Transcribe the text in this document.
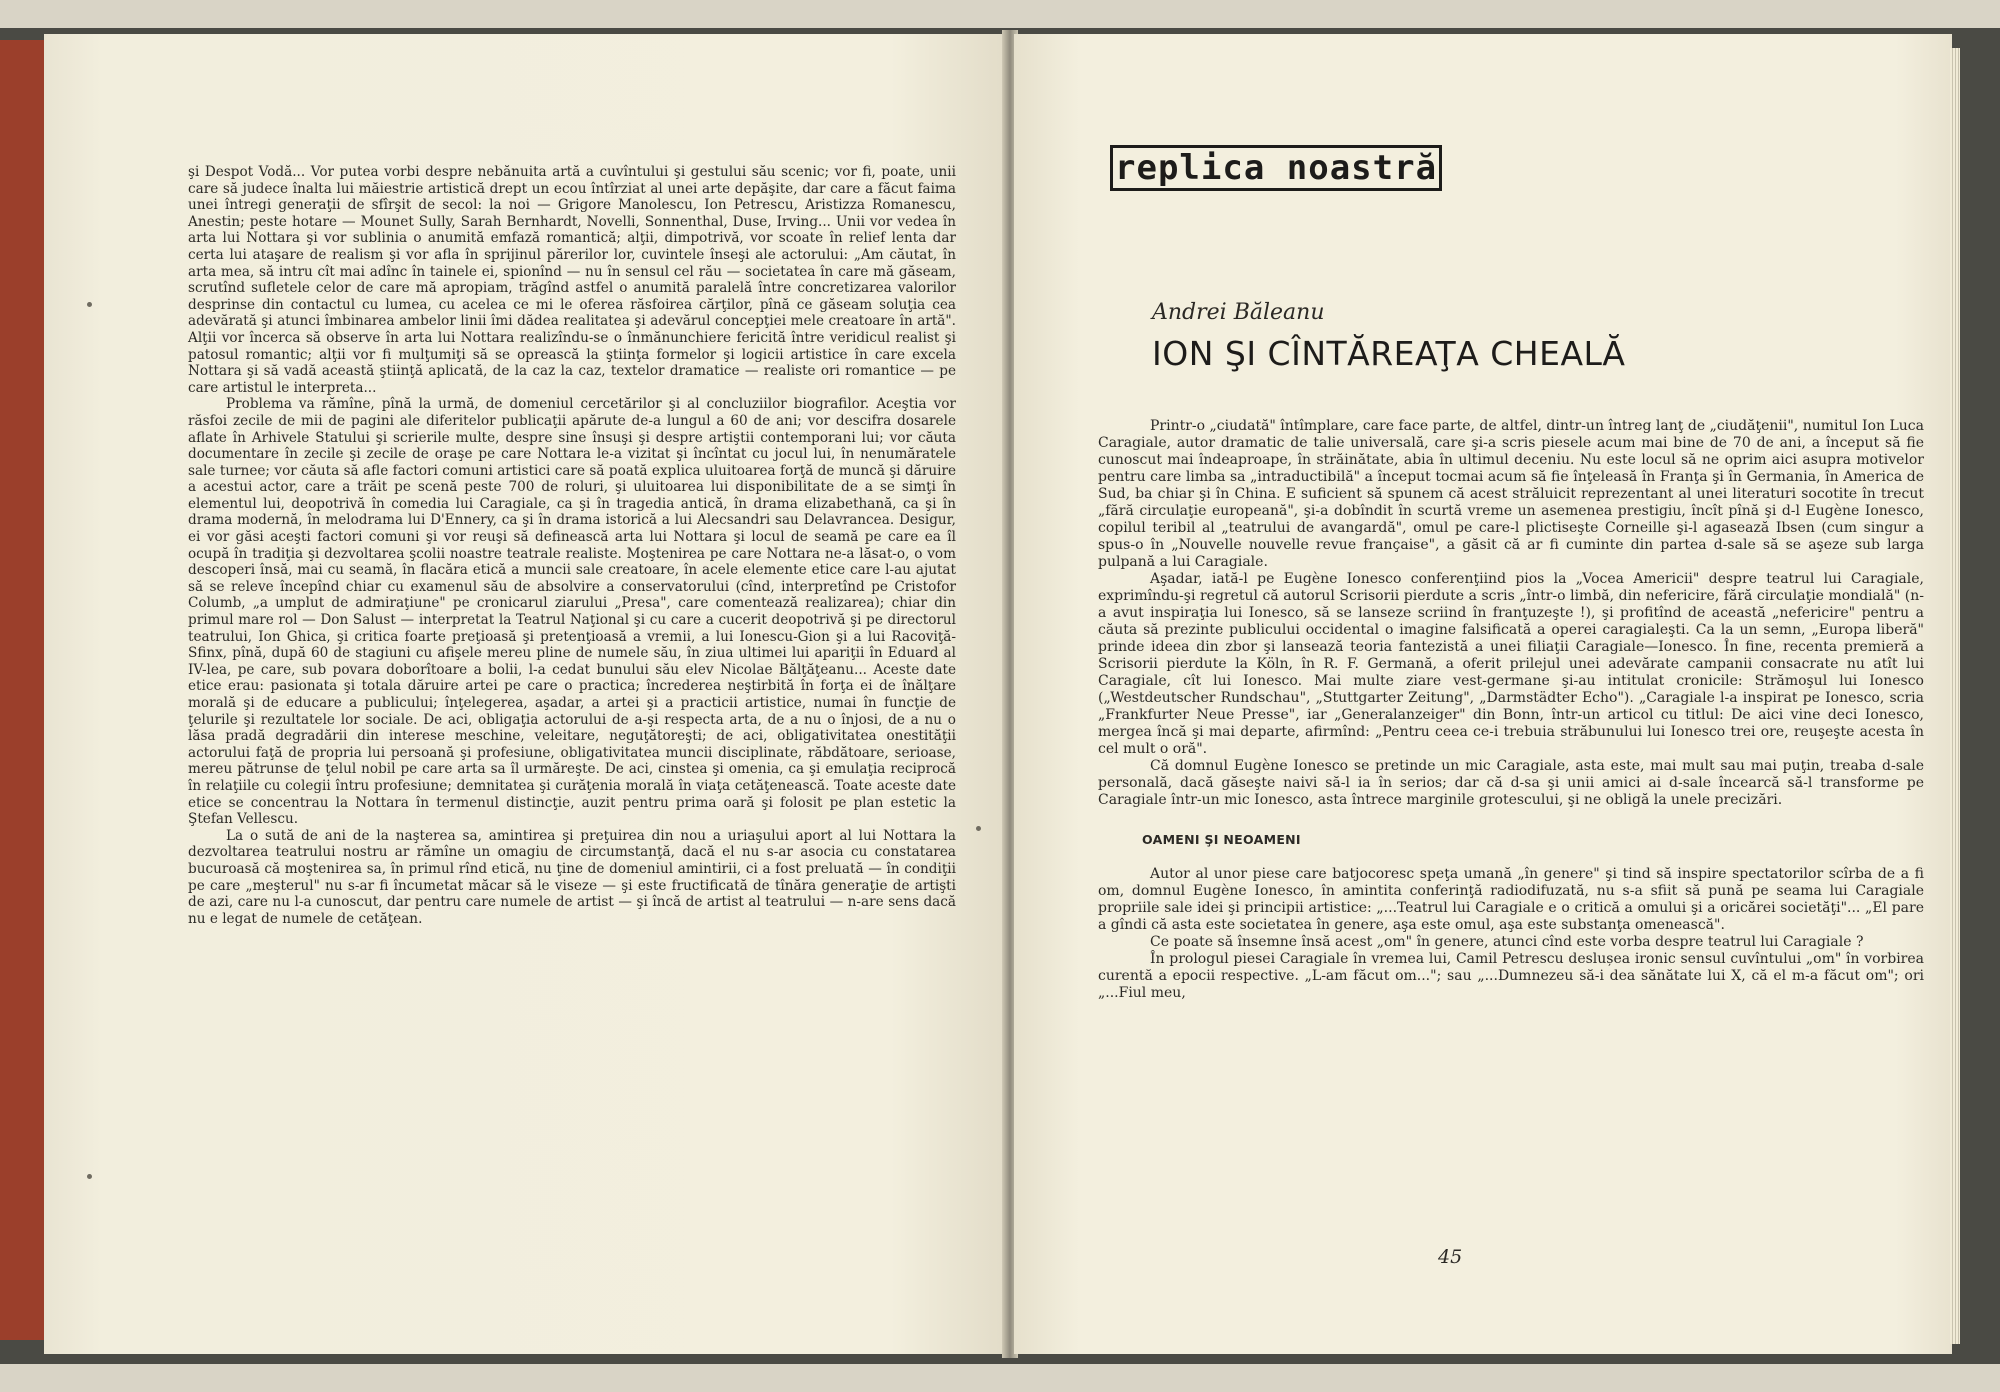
şi Despot Vodă... Vor putea vorbi despre nebănuita artă a cuvîntului şi gestului său scenic; vor fi, poate, unii care să judece înalta lui măiestrie artistică drept un ecou întîrziat al unei arte depăşite, dar care a făcut faima unei întregi generaţii de sfîrşit de secol: la noi — Grigore Manolescu, Ion Petrescu, Aristizza Romanescu, Anestin; peste hotare — Mounet Sully, Sarah Bernhardt, Novelli, Sonnenthal, Duse, Irving... Unii vor vedea în arta lui Nottara şi vor sublinia o anumită emfază romantică; alţii, dimpotrivă, vor scoate în relief lenta dar certa lui ataşare de realism şi vor afla în sprijinul părerilor lor, cuvintele înseşi ale actorului: „Am căutat, în arta mea, să intru cît mai adînc în tainele ei, spionînd — nu în sensul cel rău — societatea în care mă găseam, scrutînd sufletele celor de care mă apropiam, trăgînd astfel o anumită paralelă între concretizarea valorilor desprinse din contactul cu lumea, cu acelea ce mi le oferea răsfoirea cărţilor, pînă ce găseam soluţia cea adevărată şi atunci îmbinarea ambelor linii îmi dădea realitatea şi adevărul concepţiei mele creatoare în artă". Alţii vor încerca să observe în arta lui Nottara realizîndu-se o înmănunchiere fericită între veridicul realist şi patosul romantic; alţii vor fi mulţumiţi să se oprească la ştiinţa formelor şi logicii artistice în care excela Nottara şi să vadă această ştiinţă aplicată, de la caz la caz, textelor dramatice — realiste ori romantice — pe care artistul le interpreta...

Problema va rămîne, pînă la urmă, de domeniul cercetărilor şi al concluziilor biografilor. Aceştia vor răsfoi zecile de mii de pagini ale diferitelor publicaţii apărute de-a lungul a 60 de ani; vor descifra dosarele aflate în Arhivele Statului şi scrierile multe, despre sine însuşi şi despre artiştii contemporani lui; vor căuta documentare în zecile şi zecile de oraşe pe care Nottara le-a vizitat şi încîntat cu jocul lui, în nenumăratele sale turnee; vor căuta să afle factori comuni artistici care să poată explica uluitoarea forţă de muncă şi dăruire a acestui actor, care a trăit pe scenă peste 700 de roluri, şi uluitoarea lui disponibilitate de a se simţi în elementul lui, deopotrivă în comedia lui Caragiale, ca şi în tragedia antică, în drama elizabethană, ca şi în drama modernă, în melodrama lui D'Ennery, ca şi în drama istorică a lui Alecsandri sau Delavrancea. Desigur, ei vor găsi aceşti factori comuni şi vor reuşi să definească arta lui Nottara şi locul de seamă pe care ea îl ocupă în tradiţia şi dezvoltarea şcolii noastre teatrale realiste. Moştenirea pe care Nottara ne-a lăsat-o, o vom descoperi însă, mai cu seamă, în flacăra etică a muncii sale creatoare, în acele elemente etice care l-au ajutat să se releve începînd chiar cu examenul său de absolvire a conservatorului (cînd, interpretînd pe Cristofor Columb, „a umplut de admiraţiune" pe cronicarul ziarului „Presa", care comentează realizarea); chiar din primul mare rol — Don Salust — interpretat la Teatrul Naţional şi cu care a cucerit deopotrivă şi pe directorul teatrului, Ion Ghica, şi critica foarte preţioasă şi pretenţioasă a vremii, a lui Ionescu-Gion şi a lui Racoviţă-Sfinx, pînă, după 60 de stagiuni cu afişele mereu pline de numele său, în ziua ultimei lui apariţii în Eduard al IV-lea, pe care, sub povara doborîtoare a bolii, l-a cedat bunului său elev Nicolae Bălţăţeanu... Aceste date etice erau: pasionata şi totala dăruire artei pe care o practica; încrederea neştirbită în forţa ei de înălţare morală şi de educare a publicului; înţelegerea, aşadar, a artei şi a practicii artistice, numai în funcţie de ţelurile şi rezultatele lor sociale. De aci, obligaţia actorului de a-şi respecta arta, de a nu o înjosi, de a nu o lăsa pradă degradării din interese meschine, veleitare, neguţătoreşti; de aci, obligativitatea onestităţii actorului faţă de propria lui persoană şi profesiune, obligativitatea muncii disciplinate, răbdătoare, serioase, mereu pătrunse de ţelul nobil pe care arta sa îl urmăreşte. De aci, cinstea şi omenia, ca şi emulaţia reciprocă în relaţiile cu colegii întru profesiune; demnitatea şi curăţenia morală în viaţa cetăţenească. Toate aceste date etice se concentrau la Nottara în termenul distincţie, auzit pentru prima oară şi folosit pe plan estetic la Ştefan Vellescu.

La o sută de ani de la naşterea sa, amintirea şi preţuirea din nou a uriaşului aport al lui Nottara la dezvoltarea teatrului nostru ar rămîne un omagiu de circumstanţă, dacă el nu s-ar asocia cu constatarea bucuroasă că moştenirea sa, în primul rînd etică, nu ţine de domeniul amintirii, ci a fost preluată — în condiţii pe care „meşterul" nu s-ar fi încumetat măcar să le viseze — şi este fructificată de tînăra generaţie de artişti de azi, care nu l-a cunoscut, dar pentru care numele de artist — şi încă de artist al teatrului — n-are sens dacă nu e legat de numele de cetăţean.

replica noastră
Andrei Băleanu
ION ŞI CÎNTĂREAŢA CHEALĂ

Printr-o „ciudată" întîmplare, care face parte, de altfel, dintr-un întreg lanţ de „ciudăţenii", numitul Ion Luca Caragiale, autor dramatic de talie universală, care şi-a scris piesele acum mai bine de 70 de ani, a început să fie cunoscut mai îndeaproape, în străinătate, abia în ultimul deceniu. Nu este locul să ne oprim aici asupra motivelor pentru care limba sa „intraductibilă" a început tocmai acum să fie înţeleasă în Franţa şi în Germania, în America de Sud, ba chiar şi în China. E suficient să spunem că acest străluicit reprezentant al unei literaturi socotite în trecut „fără circulaţie europeană", şi-a dobîndit în scurtă vreme un asemenea prestigiu, încît pînă şi d-l Eugène Ionesco, copilul teribil al „teatrului de avangardă", omul pe care-l plictiseşte Corneille şi-l agasează Ibsen (cum singur a spus-o în „Nouvelle nouvelle revue française", a găsit că ar fi cuminte din partea d-sale să se aşeze sub larga pulpană a lui Caragiale.

Aşadar, iată-l pe Eugène Ionesco conferenţiind pios la „Vocea Americii" despre teatrul lui Caragiale, exprimîndu-şi regretul că autorul Scrisorii pierdute a scris „într-o limbă, din nefericire, fără circulaţie mondială" (n-a avut inspiraţia lui Ionesco, să se lanseze scriind în franţuzeşte !), şi profitînd de această „nefericire" pentru a căuta să prezinte publicului occidental o imagine falsificată a operei caragialeşti. Ca la un semn, „Europa liberă" prinde ideea din zbor şi lansează teoria fantezistă a unei filiaţii Caragiale—Ionesco. În fine, recenta premieră a Scrisorii pierdute la Köln, în R. F. Germană, a oferit prilejul unei adevărate campanii consacrate nu atît lui Caragiale, cît lui Ionesco. Mai multe ziare vest-germane şi-au intitulat cronicile: Strămoşul lui Ionesco („Westdeutscher Rundschau", „Stuttgarter Zeitung", „Darmstädter Echo"). „Caragiale l-a inspirat pe Ionesco, scria „Frankfurter Neue Presse", iar „Generalanzeiger" din Bonn, într-un articol cu titlul: De aici vine deci Ionesco, mergea încă şi mai departe, afirmînd: „Pentru ceea ce-i trebuia străbunului lui Ionesco trei ore, reuşeşte acesta în cel mult o oră".

Că domnul Eugène Ionesco se pretinde un mic Caragiale, asta este, mai mult sau mai puţin, treaba d-sale personală, dacă găseşte naivi să-l ia în serios; dar că d-sa şi unii amici ai d-sale încearcă să-l transforme pe Caragiale într-un mic Ionesco, asta întrece marginile grotescului, şi ne obligă la unele precizări.

OAMENI ŞI NEOAMENI

Autor al unor piese care batjocoresc speţa umană „în genere" şi tind să inspire spectatorilor scîrba de a fi om, domnul Eugène Ionesco, în amintita conferinţă radiodifuzată, nu s-a sfiit să pună pe seama lui Caragiale propriile sale idei şi principii artistice: „...Teatrul lui Caragiale e o critică a omului şi a oricărei societăţi"... „El pare a gîndi că asta este societatea în genere, aşa este omul, aşa este substanţa omenească".

Ce poate să însemne însă acest „om" în genere, atunci cînd este vorba despre teatrul lui Caragiale ?

În prologul piesei Caragiale în vremea lui, Camil Petrescu deslușea ironic sensul cuvîntului „om" în vorbirea curentă a epocii respective. „L-am făcut om..."; sau „...Dumnezeu să-i dea sănătate lui X, că el m-a făcut om"; ori „...Fiul meu,

45
